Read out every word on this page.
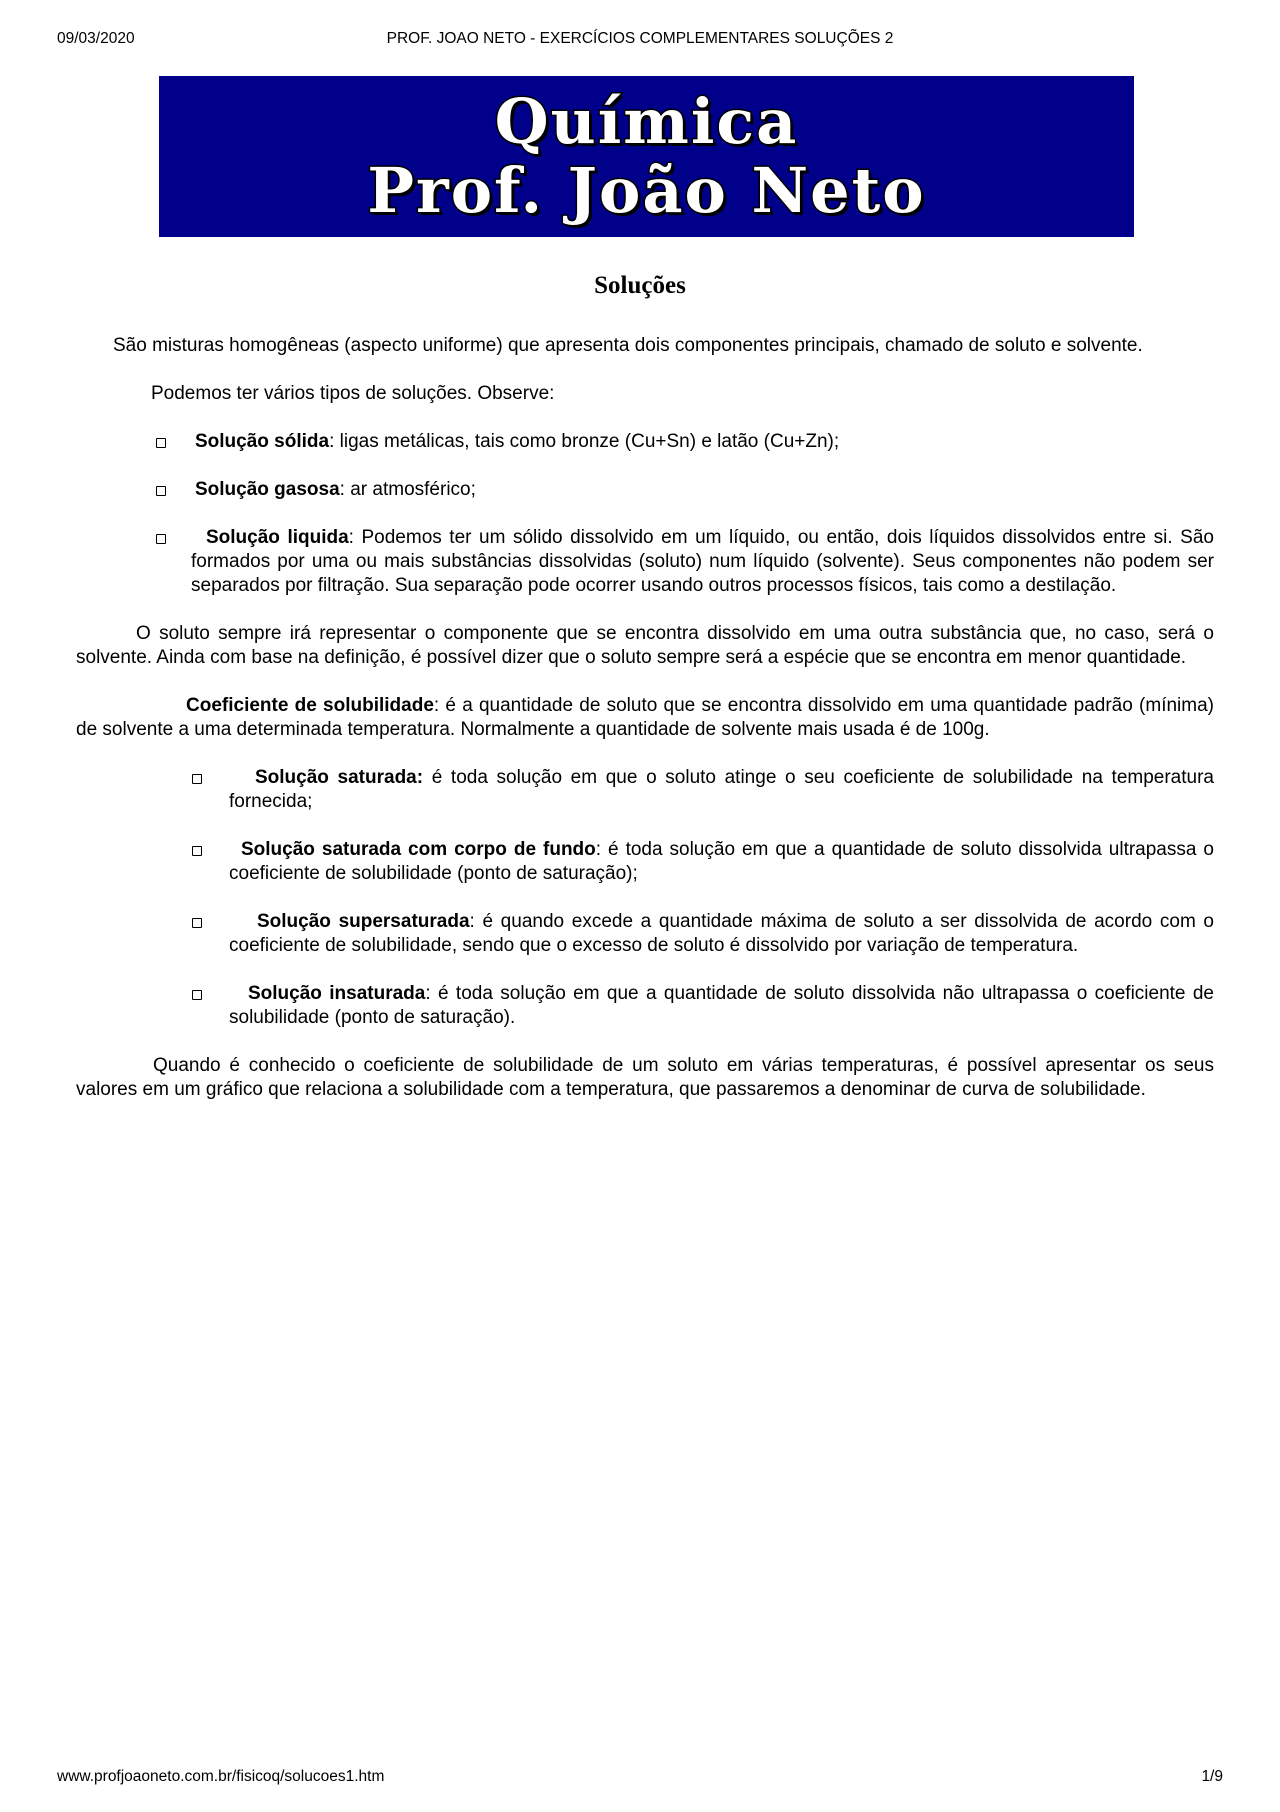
09/03/2020	PROF. JOAO NETO - EXERCÍCIOS COMPLEMENTARES SOLUÇÕES 2
Química
Prof. João Neto
Soluções

São misturas homogêneas (aspecto uniforme) que apresenta dois componentes principais, chamado de soluto e solvente.

Podemos ter vários tipos de soluções. Observe:

Solução sólida: ligas metálicas, tais como bronze (Cu+Sn) e latão (Cu+Zn);
Solução gasosa: ar atmosférico;
Solução liquida: Podemos ter um sólido dissolvido em um líquido, ou então, dois líquidos dissolvidos entre si. São formados por uma ou mais substâncias dissolvidas (soluto) num líquido (solvente). Seus componentes não podem ser separados por filtração. Sua separação pode ocorrer usando outros processos físicos, tais como a destilação.

O soluto sempre irá representar o componente que se encontra dissolvido em uma outra substância que, no caso, será o solvente. Ainda com base na definição, é possível dizer que o soluto sempre será a espécie que se encontra em menor quantidade.

Coeficiente de solubilidade: é a quantidade de soluto que se encontra dissolvido em uma quantidade padrão (mínima) de solvente a uma determinada temperatura. Normalmente a quantidade de solvente mais usada é de 100g.

Solução saturada: é toda solução em que o soluto atinge o seu coeficiente de solubilidade na temperatura fornecida;
Solução saturada com corpo de fundo: é toda solução em que a quantidade de soluto dissolvida ultrapassa o coeficiente de solubilidade (ponto de saturação);
Solução supersaturada: é quando excede a quantidade máxima de soluto a ser dissolvida de acordo com o coeficiente de solubilidade, sendo que o excesso de soluto é dissolvido por variação de temperatura.
Solução insaturada: é toda solução em que a quantidade de soluto dissolvida não ultrapassa o coeficiente de solubilidade (ponto de saturação).

Quando é conhecido o coeficiente de solubilidade de um soluto em várias temperaturas, é possível apresentar os seus valores em um gráfico que relaciona a solubilidade com a temperatura, que passaremos a denominar de curva de solubilidade.

www.profjoaoneto.com.br/fisicoq/solucoes1.htm	1/9
